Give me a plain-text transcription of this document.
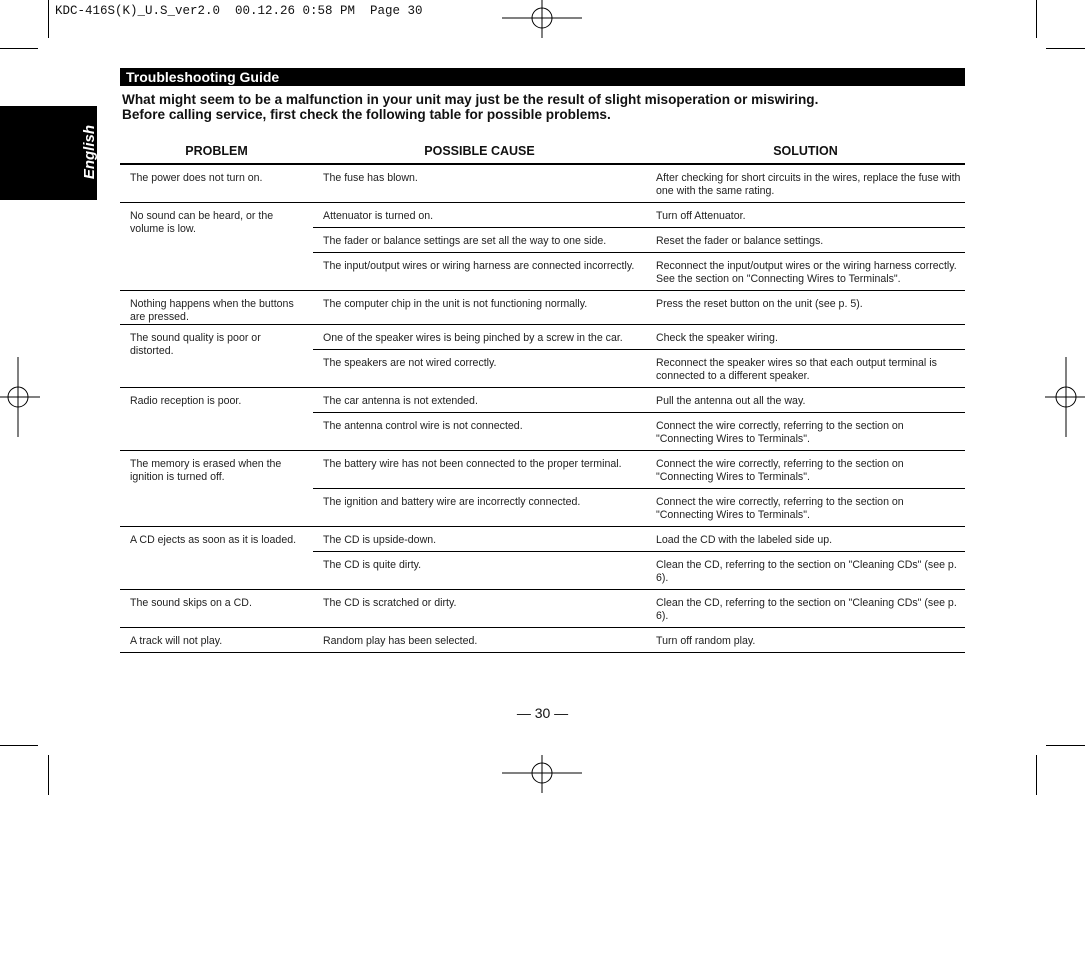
KDC-416S(K)_U.S_ver2.0  00.12.26 0:58 PM  Page 30
English
Troubleshooting Guide
What might seem to be a malfunction in your unit may just be the result of slight misoperation or miswiring.
Before calling service, first check the following table for possible problems.
PROBLEM	POSSIBLE CAUSE	SOLUTION
The power does not turn on.	The fuse has blown.	After checking for short circuits in the wires, replace the fuse with one with the same rating.
No sound can be heard, or the volume is low.
Attenuator is turned on.	Turn off Attenuator.
The fader or balance settings are set all the way to one side.	Reset the fader or balance settings.
The input/output wires or wiring harness are connected incorrectly.	Reconnect the input/output wires or the wiring harness correctly. See the section on "Connecting Wires to Terminals".
Nothing happens when the buttons are pressed.
The computer chip in the unit is not functioning normally.	Press the reset button on the unit (see p. 5).
The sound quality is poor or distorted.
One of the speaker wires is being pinched by a screw in the car.	Check the speaker wiring.
The speakers are not wired correctly.	Reconnect the speaker wires so that each output terminal is connected to a different speaker.
Radio reception is poor.	The car antenna is not extended.	Pull the antenna out all the way.
The antenna control wire is not connected.	Connect the wire correctly, referring to the section on "Connecting Wires to Terminals".
The memory is erased when the ignition is turned off.
The battery wire has not been connected to the proper terminal.	Connect the wire correctly, referring to the section on "Connecting Wires to Terminals".
The ignition and battery wire are incorrectly connected.	Connect the wire correctly, referring to the section on "Connecting Wires to Terminals".
A CD ejects as soon as it is loaded.	The CD is upside-down.	Load the CD with the labeled side up.
The CD is quite dirty.	Clean the CD, referring to the section on "Cleaning CDs" (see p. 6).
The sound skips on a CD.	The CD is scratched or dirty.	Clean the CD, referring to the section on "Cleaning CDs" (see p. 6).
A track will not play.	Random play has been selected.	Turn off random play.
— 30 —
